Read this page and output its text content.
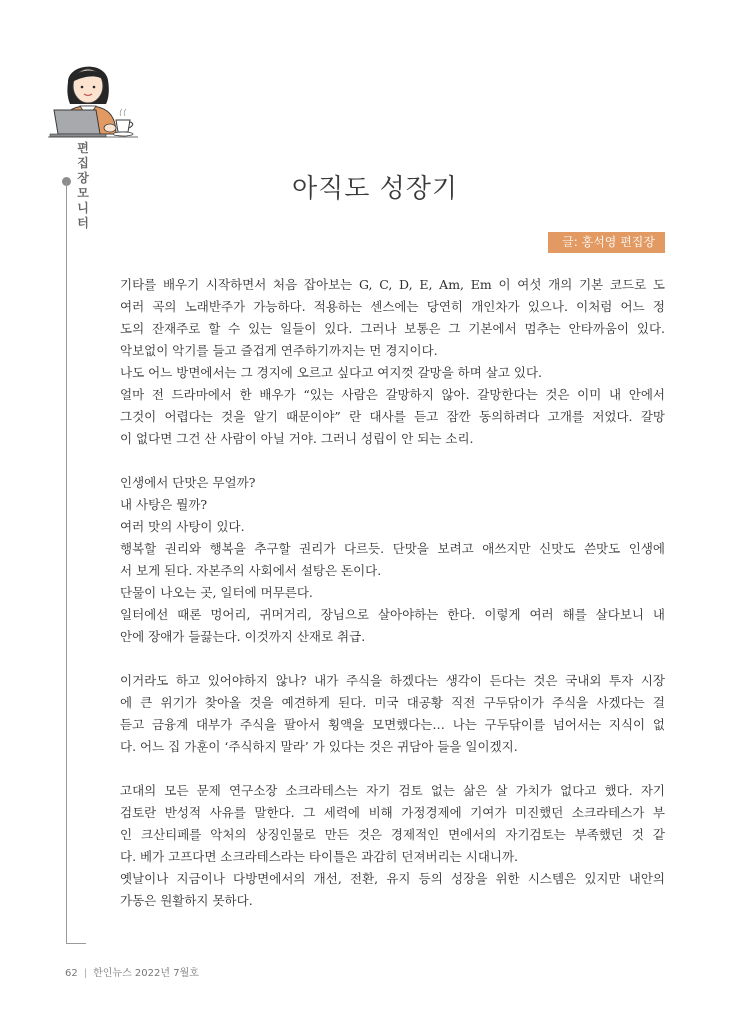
편집장모니터
아직도 성장기
글: 홍석영 편집장

기타를 배우기 시작하면서 처음 잡아보는 G, C, D, E, Am, Em 이 여섯 개의 기본 코드로 도
여러 곡의 노래반주가 가능하다. 적용하는 센스에는 당연히 개인차가 있으나. 이처럼 어느 정
도의 잔재주로 할 수 있는 일들이 있다. 그러나 보통은 그 기본에서 멈추는 안타까움이 있다.
악보없이 악기를 들고 즐겁게 연주하기까지는 먼 경지이다.
나도 어느 방면에서는 그 경지에 오르고 싶다고 여지껏 갈망을 하며 살고 있다.
얼마 전 드라마에서 한 배우가 “있는 사람은 갈망하지 않아. 갈망한다는 것은 이미 내 안에서
그것이 어렵다는 것을 알기 때문이야” 란 대사를 듣고 잠깐 동의하려다 고개를 저었다. 갈망
이 없다면 그건 산 사람이 아닐 거야. 그러니 성립이 안 되는 소리.

인생에서 단맛은 무얼까?
내 사탕은 뭘까?
여러 맛의 사탕이 있다.
행복할 권리와 행복을 추구할 권리가 다르듯. 단맛을 보려고 애쓰지만 신맛도 쓴맛도 인생에
서 보게 된다. 자본주의 사회에서 설탕은 돈이다.
단물이 나오는 곳, 일터에 머무른다.
일터에선 때론 멍어리, 귀머거리, 장님으로 살아야하는 한다. 이렇게 여러 해를 살다보니 내
안에 장애가 들끓는다. 이것까지 산재로 취급.

이거라도 하고 있어야하지 않나? 내가 주식을 하겠다는 생각이 든다는 것은 국내외 투자 시장
에 큰 위기가 찾아올 것을 예견하게 된다. 미국 대공황 직전 구두닦이가 주식을 사겠다는 걸
듣고 금융계 대부가 주식을 팔아서 횡액을 모면했다는… 나는 구두닦이를 넘어서는 지식이 없
다. 어느 집 가훈이 ‘주식하지 말라’ 가 있다는 것은 귀담아 들을 일이겠지.

고대의 모든 문제 연구소장 소크라테스는 자기 검토 없는 삶은 살 가치가 없다고 했다. 자기
검토란 반성적 사유를 말한다. 그 세력에 비해 가정경제에 기여가 미진했던 소크라테스가 부
인 크산티페를 악처의 상징인물로 만든 것은 경제적인 면에서의 자기검토는 부족했던 것 같
다. 베가 고프다면 소크라테스라는 타이틀은 과감히 던져버리는 시대니까.
옛날이나 지금이나 다방면에서의 개선, 전환, 유지 등의 성장을 위한 시스템은 있지만 내안의
가동은 원활하지 못하다.

62 | 한인뉴스 2022년 7월호
